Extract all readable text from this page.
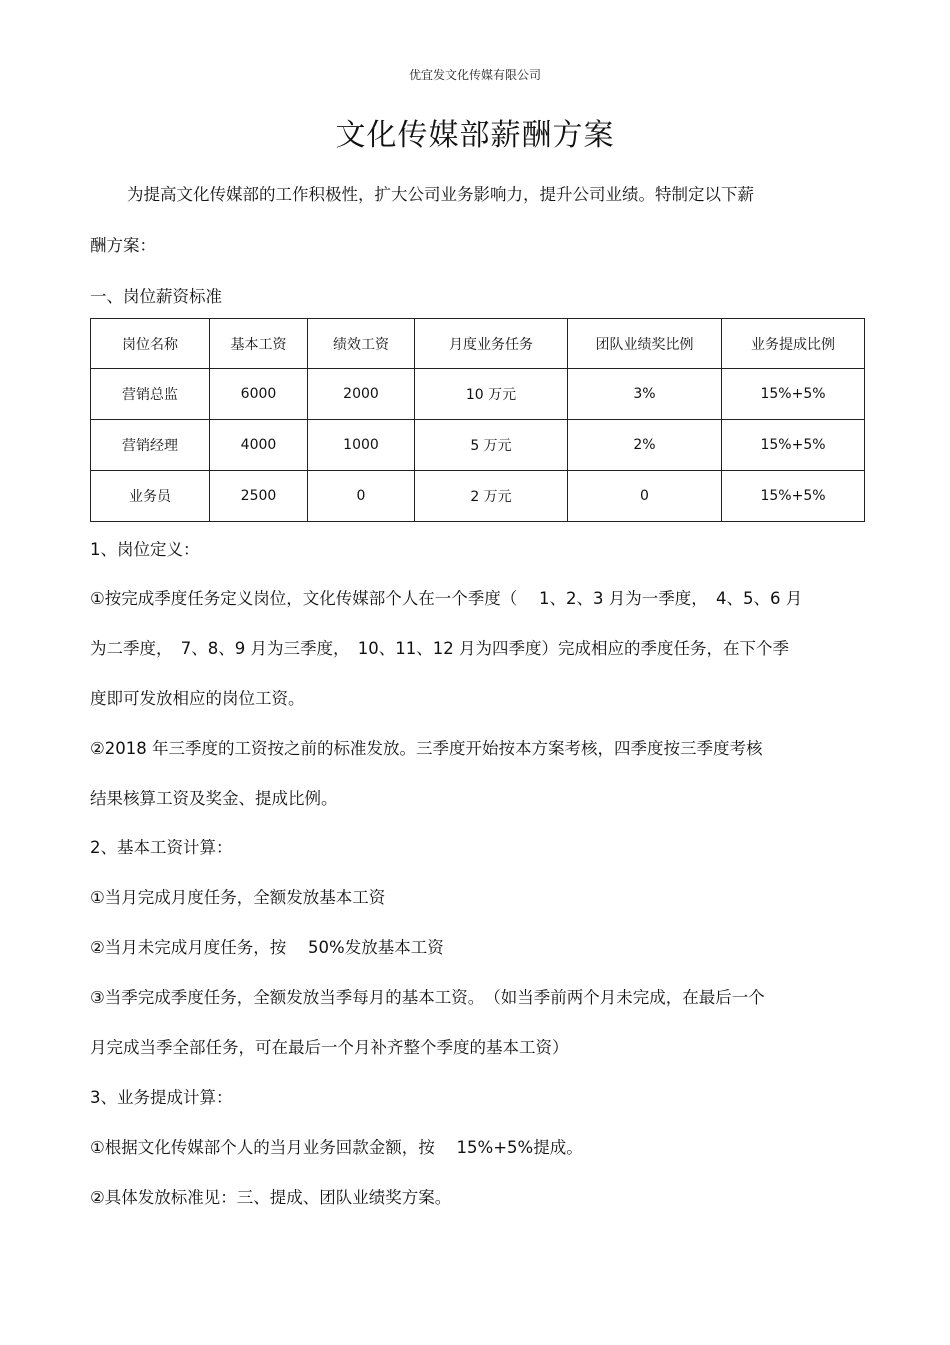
优宜发文化传媒有限公司
文化传媒部薪酬方案
为提高文化传媒部的工作积极性，扩大公司业务影响力，提升公司业绩。特制定以下薪
酬方案：
一、岗位薪资标准
岗位名称	基本工资	绩效工资	月度业务任务	团队业绩奖比例	业务提成比例
营销总监	6000	2000	10 万元	3%	15%+5%
营销经理	4000	1000	5 万元	2%	15%+5%
业务员	2500	0	2 万元	0	15%+5%
1、岗位定义：
①按完成季度任务定义岗位，文化传媒部个人在一个季度（　 1、2、3 月为一季度，　4、5、6 月
为二季度，　7、8、9 月为三季度，　10、11、12 月为四季度）完成相应的季度任务，在下个季
度即可发放相应的岗位工资。
②2018 年三季度的工资按之前的标准发放。三季度开始按本方案考核，四季度按三季度考核
结果核算工资及奖金、提成比例。
2、基本工资计算：
①当月完成月度任务，全额发放基本工资
②当月未完成月度任务，按　 50%发放基本工资
③当季完成季度任务，全额发放当季每月的基本工资。　（如当季前两个月未完成，在最后一个
月完成当季全部任务，可在最后一个月补齐整个季度的基本工资）
3、业务提成计算：
①根据文化传媒部个人的当月业务回款金额，按　 15%+5%提成。
②具体发放标准见：三、提成、团队业绩奖方案。
